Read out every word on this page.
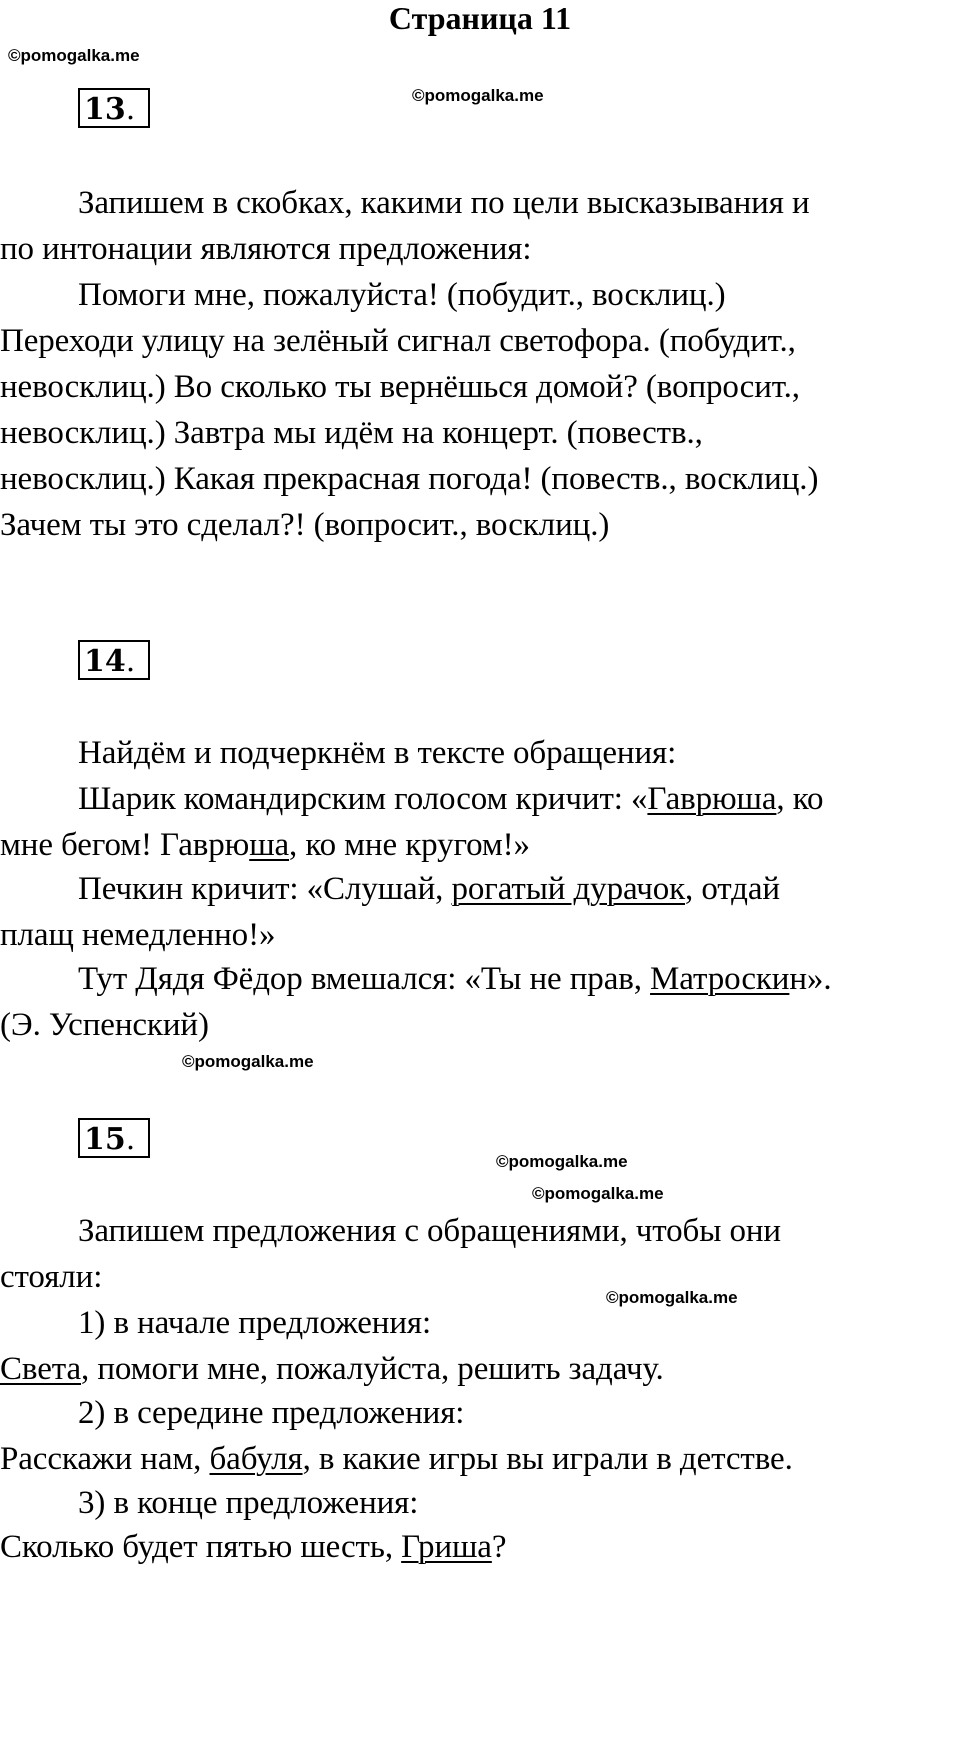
Страница 11
©pomogalka.me
©pomogalka.me
13.
Запишем в скобках, какими по цели высказывания и
по интонации являются предложения:
Помоги мне, пожалуйста! (побудит., восклиц.)
Переходи улицу на зелёный сигнал светофора. (побудит.,
невосклиц.) Во сколько ты вернёшься домой? (вопросит.,
невосклиц.) Завтра мы идём на концерт. (повеств.,
невосклиц.) Какая прекрасная погода! (повеств., восклиц.)
Зачем ты это сделал?! (вопросит., восклиц.)
14.
Найдём и подчеркнём в тексте обращения:
Шарик командирским голосом кричит: «Гаврюша, ко
мне бегом! Гаврюша, ко мне кругом!»
Печкин кричит: «Слушай, рогатый дурачок, отдай
плащ немедленно!»
Тут Дядя Фёдор вмешался: «Ты не прав, Матроскин».
(Э. Успенский)
©pomogalka.me
15.
©pomogalka.me
©pomogalka.me
Запишем предложения с обращениями, чтобы они
стояли:
©pomogalka.me
1) в начале предложения:
Света, помоги мне, пожалуйста, решить задачу.
2) в середине предложения:
Расскажи нам, бабуля, в какие игры вы играли в детстве.
3) в конце предложения:
Сколько будет пятью шесть, Гриша?
